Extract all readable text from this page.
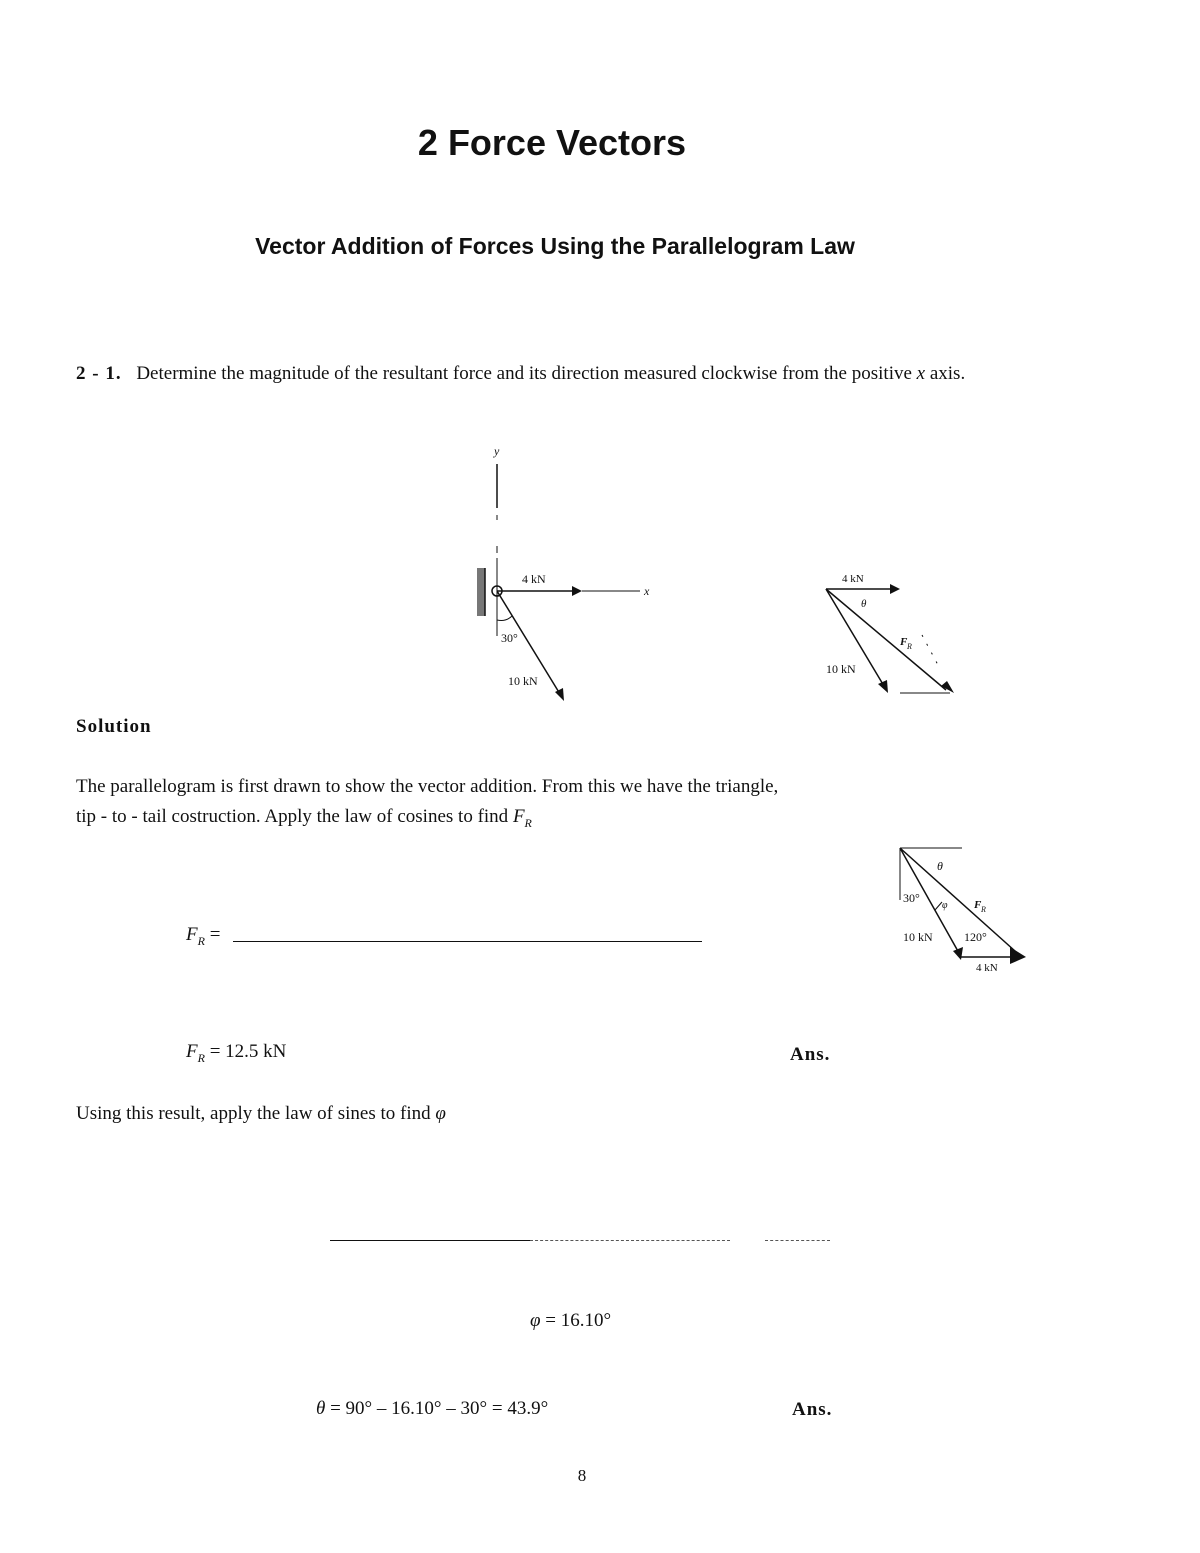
2 Force Vectors
Vector Addition of Forces Using the Parallelogram Law
2 - 1. Determine the magnitude of the resultant force and its direction measured clockwise from the positive x axis.
y
x
4 kN
30°
10 kN
4 kN
10 kN
F R
θ
Solution
The parallelogram is first drawn to show the vector addition. From this we have the triangle,
tip - to - tail costruction. Apply the law of cosines to find $F_R$
θ
30°
φ F R
10 kN	120°
4 kN
$F_R$ =
$F_R = 12.5$ kN	Ans.
Using this result, apply the law of sines to find φ
φ = 16.10°
θ = 90° – 16.10° – 30° = 43.9°	Ans.
8
